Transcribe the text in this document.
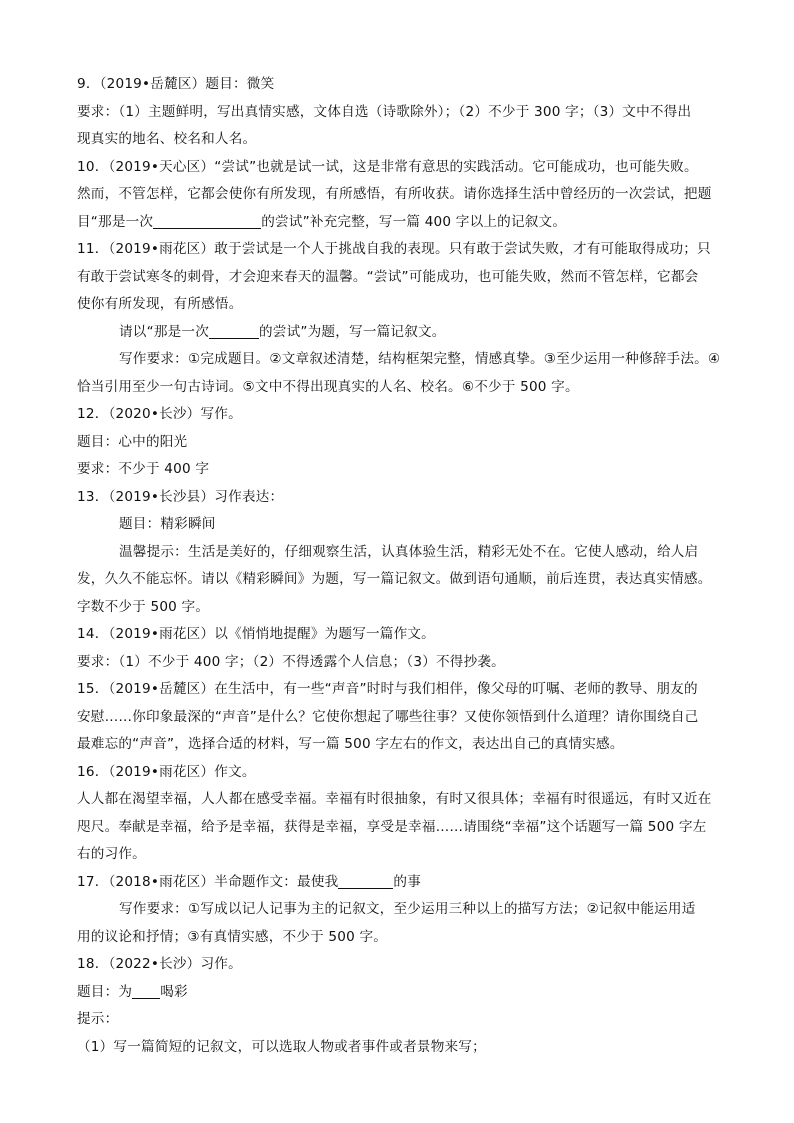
9．（2019•岳麓区）题目：微笑
要求：（1）主题鲜明，写出真情实感，文体自选（诗歌除外）；（2）不少于 300 字；（3）文中不得出
现真实的地名、校名和人名。
10．（2019•天心区）“尝试”也就是试一试，这是非常有意思的实践活动。它可能成功，也可能失败。
然而，不管怎样，它都会使你有所发现，有所感悟，有所收获。请你选择生活中曾经历的一次尝试，把题
目“那是一次	的尝试”补充完整，写一篇 400 字以上的记叙文。
11．（2019•雨花区）敢于尝试是一个人于挑战自我的表现。只有敢于尝试失败，才有可能取得成功；只
有敢于尝试寒冬的刺骨，才会迎来春天的温馨。“尝试”可能成功，也可能失败，然而不管怎样，它都会
使你有所发现，有所感悟。
请以“那是一次	的尝试”为题，写一篇记叙文。
写作要求：①完成题目。②文章叙述清楚，结构框架完整，情感真挚。③至少运用一种修辞手法。④
恰当引用至少一句古诗词。⑤文中不得出现真实的人名、校名。⑥不少于 500 字。
12．（2020•长沙）写作。
题目：心中的阳光
要求：不少于 400 字
13．（2019•长沙县）习作表达：
题目：精彩瞬间
温馨提示：生活是美好的，仔细观察生活，认真体验生活，精彩无处不在。它使人感动，给人启
发，久久不能忘怀。请以《精彩瞬间》为题，写一篇记叙文。做到语句通顺，前后连贯，表达真实情感。
字数不少于 500 字。
14．（2019•雨花区）以《悄悄地提醒》为题写一篇作文。
要求：（1）不少于 400 字；（2）不得透露个人信息；（3）不得抄袭。
15．（2019•岳麓区）在生活中，有一些“声音”时时与我们相伴，像父母的叮嘱、老师的教导、朋友的
安慰……你印象最深的“声音”是什么？它使你想起了哪些往事？又使你领悟到什么道理？请你围绕自己
最难忘的“声音”，选择合适的材料，写一篇 500 字左右的作文，表达出自己的真情实感。
16．（2019•雨花区）作文。
人人都在渴望幸福，人人都在感受幸福。幸福有时很抽象，有时又很具体；幸福有时很遥远，有时又近在
咫尺。奉献是幸福，给予是幸福，获得是幸福，享受是幸福……请围绕“幸福”这个话题写一篇 500 字左
右的习作。
17．（2018•雨花区）半命题作文：最使我	的事
写作要求：①写成以记人记事为主的记叙文，至少运用三种以上的描写方法；②记叙中能运用适
用的议论和抒情；③有真情实感，不少于 500 字。
18．（2022•长沙）习作。
题目：为 喝彩
提示：
（1）写一篇简短的记叙文，可以选取人物或者事件或者景物来写；
